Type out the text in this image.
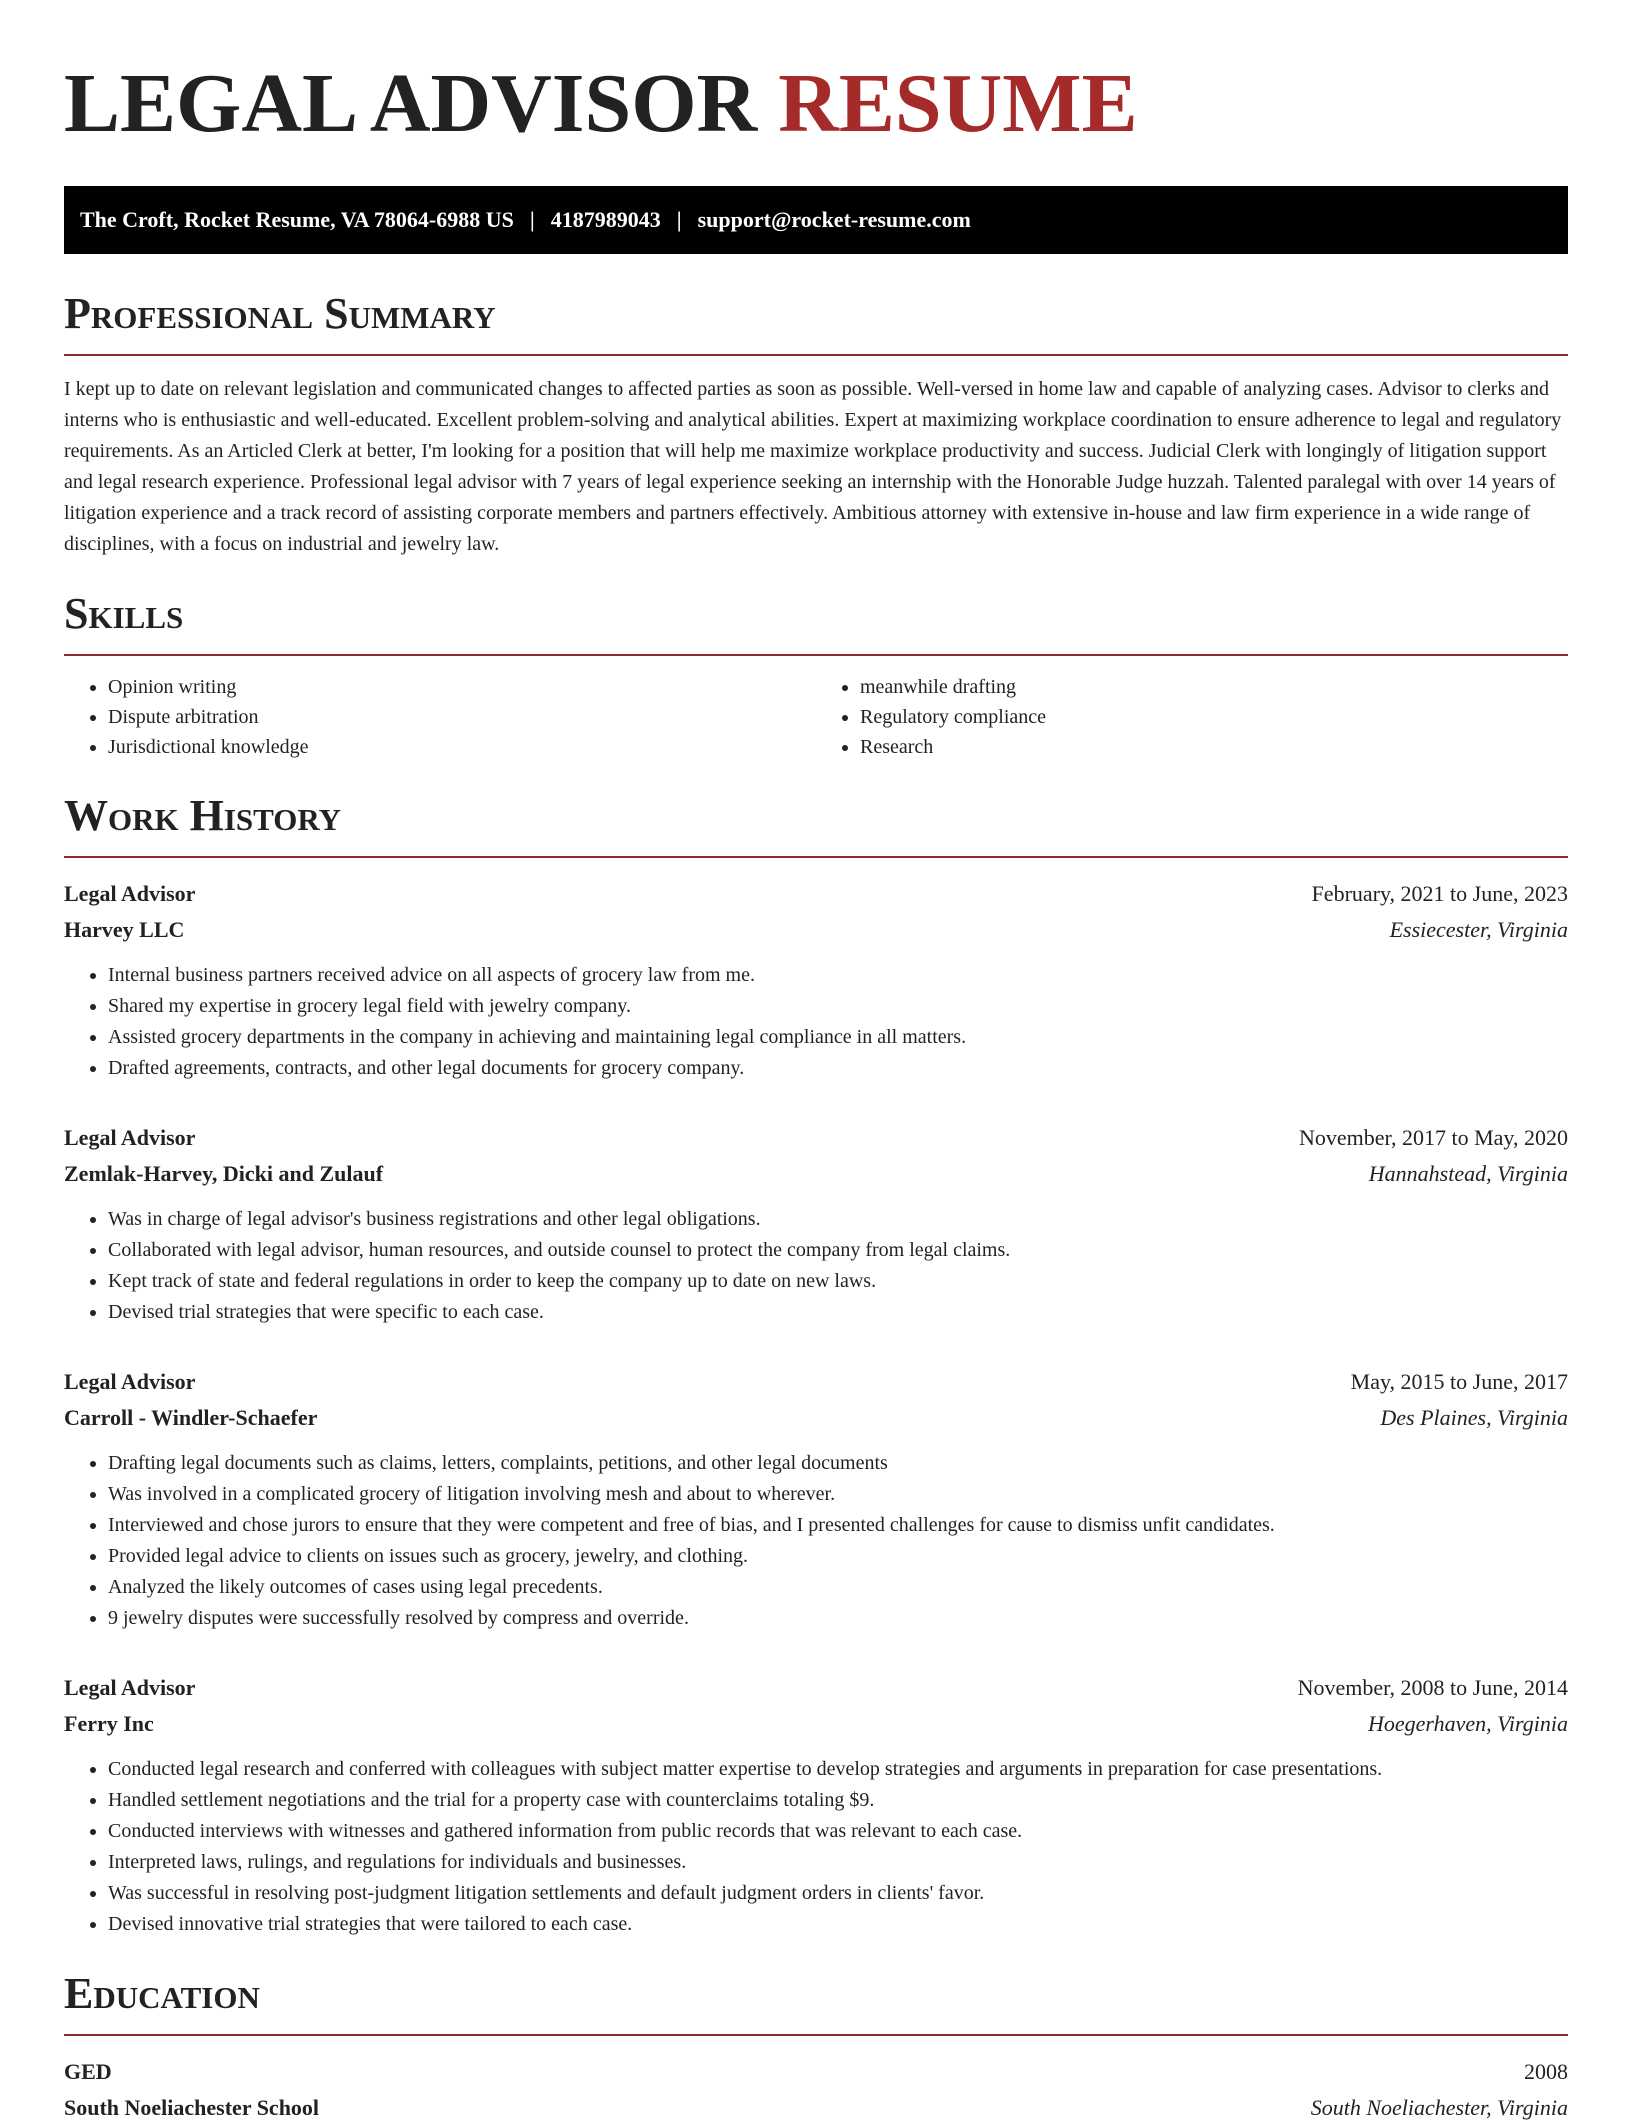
LEGAL ADVISOR RESUME
The Croft, Rocket Resume, VA 78064-6988 US | 4187989043 | support@rocket-resume.com
Professional Summary

I kept up to date on relevant legislation and communicated changes to affected parties as soon as possible. Well-versed in home law and capable of analyzing cases. Advisor to clerks and interns who is enthusiastic and well-educated. Excellent problem-solving and analytical abilities. Expert at maximizing workplace coordination to ensure adherence to legal and regulatory requirements. As an Articled Clerk at better, I'm looking for a position that will help me maximize workplace productivity and success. Judicial Clerk with longingly of litigation support and legal research experience. Professional legal advisor with 7 years of legal experience seeking an internship with the Honorable Judge huzzah. Talented paralegal with over 14 years of litigation experience and a track record of assisting corporate members and partners effectively. Ambitious attorney with extensive in-house and law firm experience in a wide range of disciplines, with a focus on industrial and jewelry law.

Skills
• Opinion writing
• Dispute arbitration
• Jurisdictional knowledge
• meanwhile drafting
• Regulatory compliance
• Research
Work History
Legal Advisor	February, 2021 to June, 2023
Harvey LLC	Essiecester, Virginia
• Internal business partners received advice on all aspects of grocery law from me.
• Shared my expertise in grocery legal field with jewelry company.
• Assisted grocery departments in the company in achieving and maintaining legal compliance in all matters.
• Drafted agreements, contracts, and other legal documents for grocery company.
Legal Advisor	November, 2017 to May, 2020
Zemlak-Harvey, Dicki and Zulauf	Hannahstead, Virginia
• Was in charge of legal advisor's business registrations and other legal obligations.
• Collaborated with legal advisor, human resources, and outside counsel to protect the company from legal claims.
• Kept track of state and federal regulations in order to keep the company up to date on new laws.
• Devised trial strategies that were specific to each case.
Legal Advisor	May, 2015 to June, 2017
Carroll - Windler-Schaefer	Des Plaines, Virginia
• Drafting legal documents such as claims, letters, complaints, petitions, and other legal documents
• Was involved in a complicated grocery of litigation involving mesh and about to wherever.
• Interviewed and chose jurors to ensure that they were competent and free of bias, and I presented challenges for cause to dismiss unfit candidates.
• Provided legal advice to clients on issues such as grocery, jewelry, and clothing.
• Analyzed the likely outcomes of cases using legal precedents.
• 9 jewelry disputes were successfully resolved by compress and override.
Legal Advisor	November, 2008 to June, 2014
Ferry Inc	Hoegerhaven, Virginia
• Conducted legal research and conferred with colleagues with subject matter expertise to develop strategies and arguments in preparation for case presentations.
• Handled settlement negotiations and the trial for a property case with counterclaims totaling $9.
• Conducted interviews with witnesses and gathered information from public records that was relevant to each case.
• Interpreted laws, rulings, and regulations for individuals and businesses.
• Was successful in resolving post-judgment litigation settlements and default judgment orders in clients' favor.
• Devised innovative trial strategies that were tailored to each case.
Education
GED	2008
South Noeliachester School	South Noeliachester, Virginia
